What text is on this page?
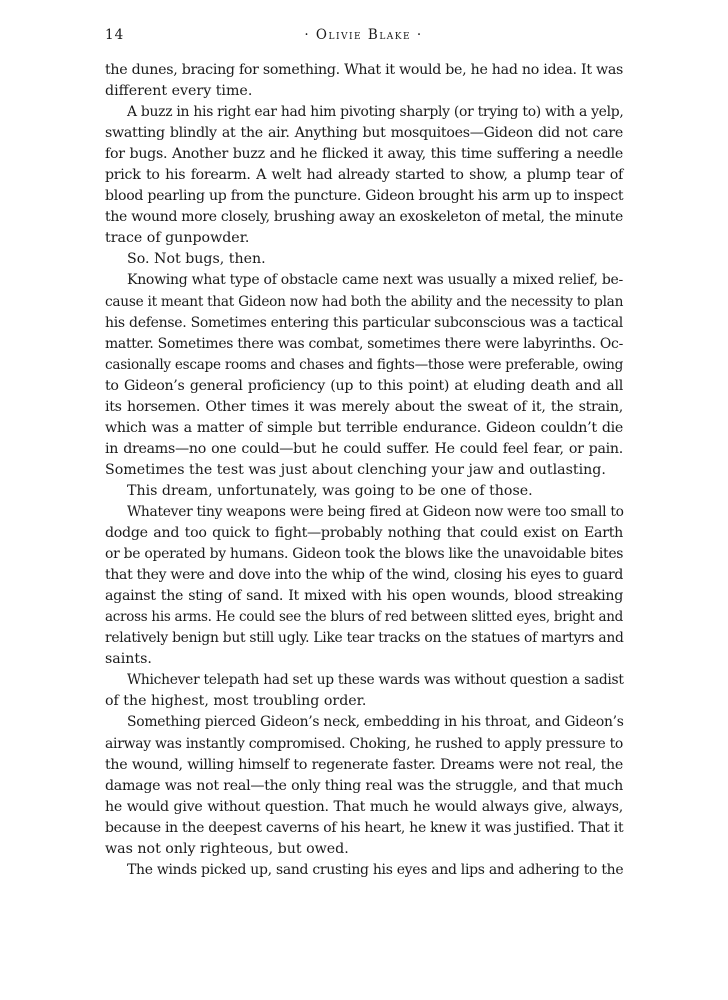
14	· Olivie Blake ·
the dunes, bracing for something. What it would be, he had no idea. It was
different every time.
A buzz in his right ear had him pivoting sharply (or trying to) with a yelp,
swatting blindly at the air. Anything but mosquitoes—Gideon did not care
for bugs. Another buzz and he flicked it away, this time suffering a needle
prick to his forearm. A welt had already started to show, a plump tear of
blood pearling up from the puncture. Gideon brought his arm up to inspect
the wound more closely, brushing away an exoskeleton of metal, the minute
trace of gunpowder.
So. Not bugs, then.
Knowing what type of obstacle came next was usually a mixed relief, be-
cause it meant that Gideon now had both the ability and the necessity to plan
his defense. Sometimes entering this particular subconscious was a tactical
matter. Sometimes there was combat, sometimes there were labyrinths. Oc-
casionally escape rooms and chases and fights—those were preferable, owing
to Gideon’s general proficiency (up to this point) at eluding death and all
its horsemen. Other times it was merely about the sweat of it, the strain,
which was a matter of simple but terrible endurance. Gideon couldn’t die
in dreams—no one could—but he could suffer. He could feel fear, or pain.
Sometimes the test was just about clenching your jaw and outlasting.
This dream, unfortunately, was going to be one of those.
Whatever tiny weapons were being fired at Gideon now were too small to
dodge and too quick to fight—probably nothing that could exist on Earth
or be operated by humans. Gideon took the blows like the unavoidable bites
that they were and dove into the whip of the wind, closing his eyes to guard
against the sting of sand. It mixed with his open wounds, blood streaking
across his arms. He could see the blurs of red between slitted eyes, bright and
relatively benign but still ugly. Like tear tracks on the statues of martyrs and
saints.
Whichever telepath had set up these wards was without question a sadist
of the highest, most troubling order.
Something pierced Gideon’s neck, embedding in his throat, and Gideon’s
airway was instantly compromised. Choking, he rushed to apply pressure to
the wound, willing himself to regenerate faster. Dreams were not real, the
damage was not real—the only thing real was the struggle, and that much
he would give without question. That much he would always give, always,
because in the deepest caverns of his heart, he knew it was justified. That it
was not only righteous, but owed.
The winds picked up, sand crusting his eyes and lips and adhering to the
